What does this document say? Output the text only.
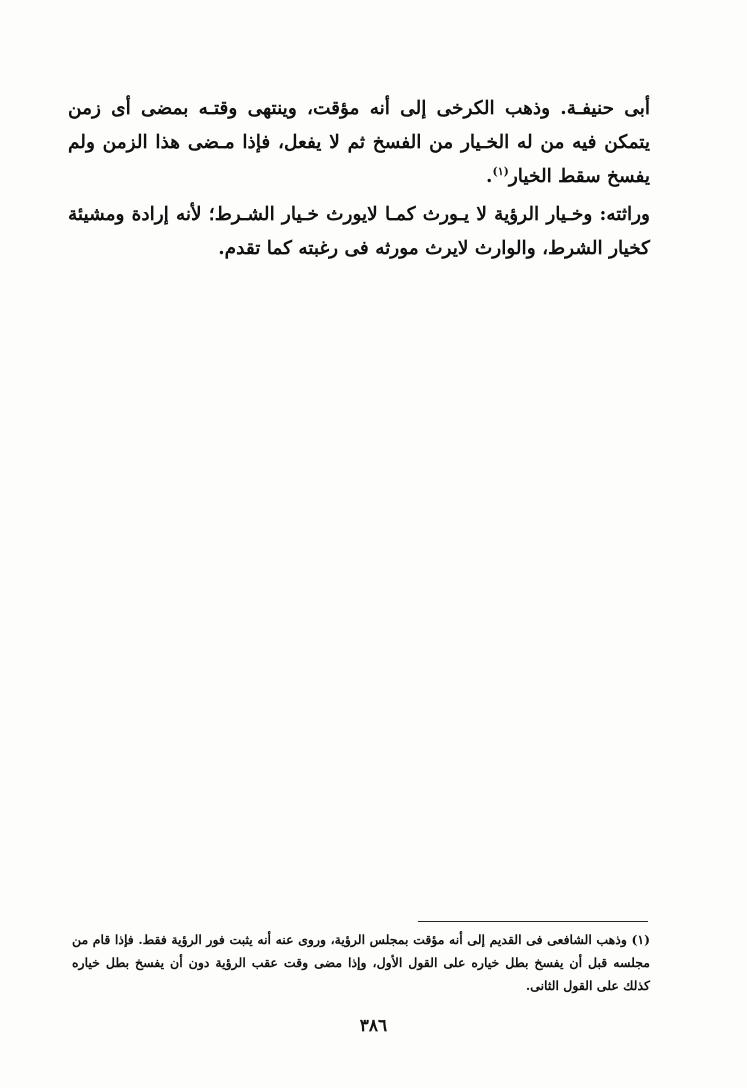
أبى حنيفـة. وذهب الكرخى إلى أنه مؤقت، وينتهى وقتـه بمضى أى زمن يتمكن فيه من له الخـيار من الفسخ ثم لا يفعل، فإذا مـضى هذا الزمن ولم يفسخ سقط الخيار$^{(١)}$.

وراثته: وخـيار الرؤية لا يـورث كمـا لايورث خـيار الشـرط؛ لأنه إرادة ومشيئة كخيار الشرط، والوارث لايرث مورثه فى رغبته كما تقدم.

(١) وذهب الشافعى فى القديم إلى أنه مؤقت بمجلس الرؤية، وروى عنه أنه يثبت فور الرؤية فقط. فإذا قام من مجلسه قبل أن يفسخ بطل خياره على القول الأول، وإذا مضى وقت عقب الرؤية دون أن يفسخ بطل خياره كذلك على القول الثانى.

٣٨٦
